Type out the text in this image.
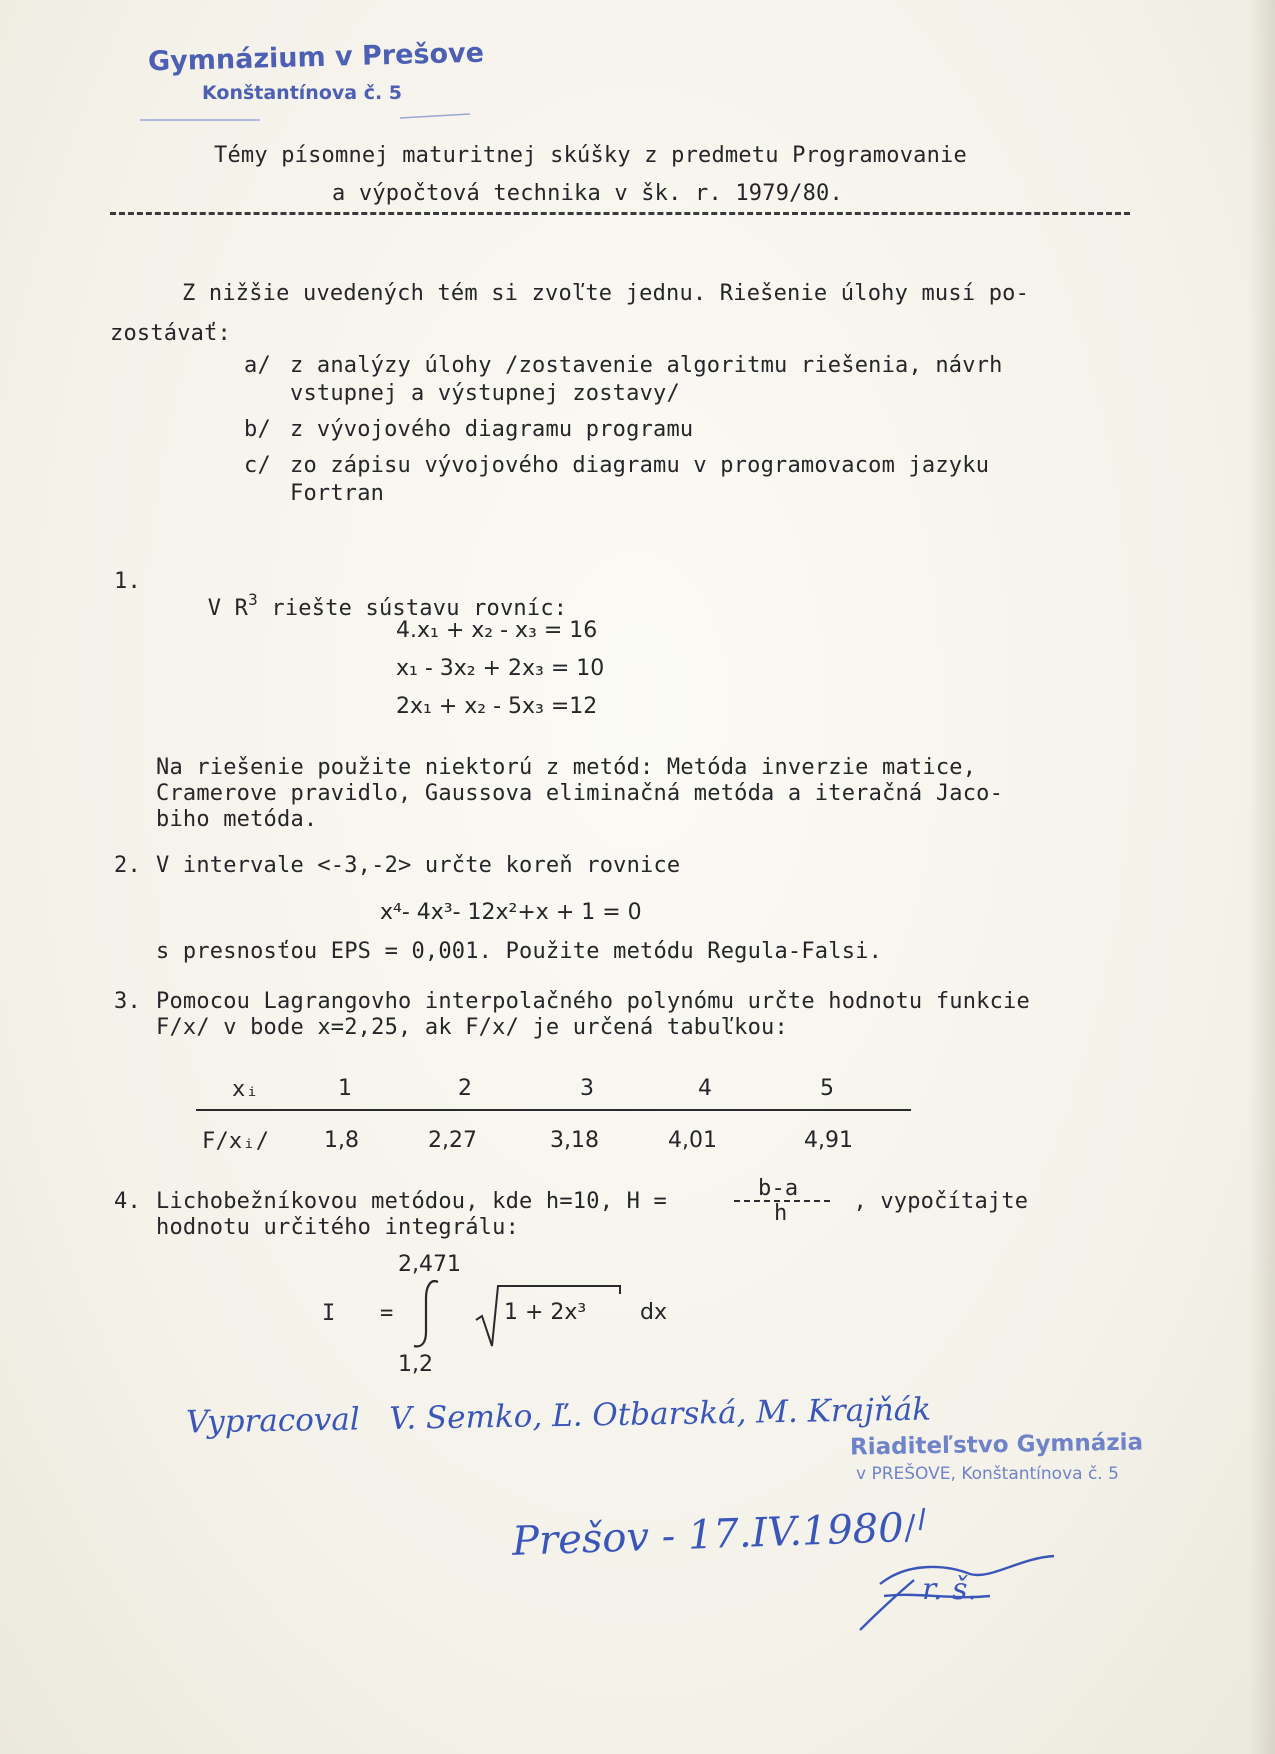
Gymnázium v Prešove
Konštantínova č. 5
Témy písomnej maturitnej skúšky z predmetu Programovanie
a výpočtová technika v šk. r. 1979/80.
Z nižšie uvedených tém si zvoľte jednu. Riešenie úlohy musí po-
zostávať:
a/ z analýzy úlohy /zostavenie algoritmu riešenia, návrh
vstupnej a výstupnej zostavy/
b/ z vývojového diagramu programu
c/ zo zápisu vývojového diagramu v programovacom jazyku
Fortran
1.

V $R^3$ riešte sústavu rovníc:

4.x₁ + x₂ - x₃ = 16
x₁ - 3x₂ + 2x₃ = 10
2x₁ + x₂ - 5x₃ =12
Na riešenie použite niektorú z metód: Metóda inverzie matice,
Cramerove pravidlo, Gaussova eliminačná metóda a iteračná Jaco-
biho metóda.
2. V intervale <-3,-2> určte koreň rovnice
x⁴- 4x³- 12x²+x + 1 = 0
s presnosťou EPS = 0,001. Použite metódu Regula-Falsi.
3. Pomocou Lagrangovho interpolačného polynómu určte hodnotu funkcie
F/x/ v bode x=2,25, ak F/x/ je určená tabuľkou:
xᵢ	1	2	3	4	5
F/xᵢ/ 1,8	2,27	3,18	4,01	4,91
4. Lichobežníkovou metódou, kde h=10, H =
b-a
h , vypočítajte
hodnotu určitého integrálu:
2,471
I =	1 + 2x³ dx
1,2
Vypracoval   V. Semko, Ľ. Otbarská, M. Krajňák
Prešov - 17.IV.1980
r. š.
Riaditeľstvo Gymnázia
v PREŠOVE, Konštantínova č. 5
